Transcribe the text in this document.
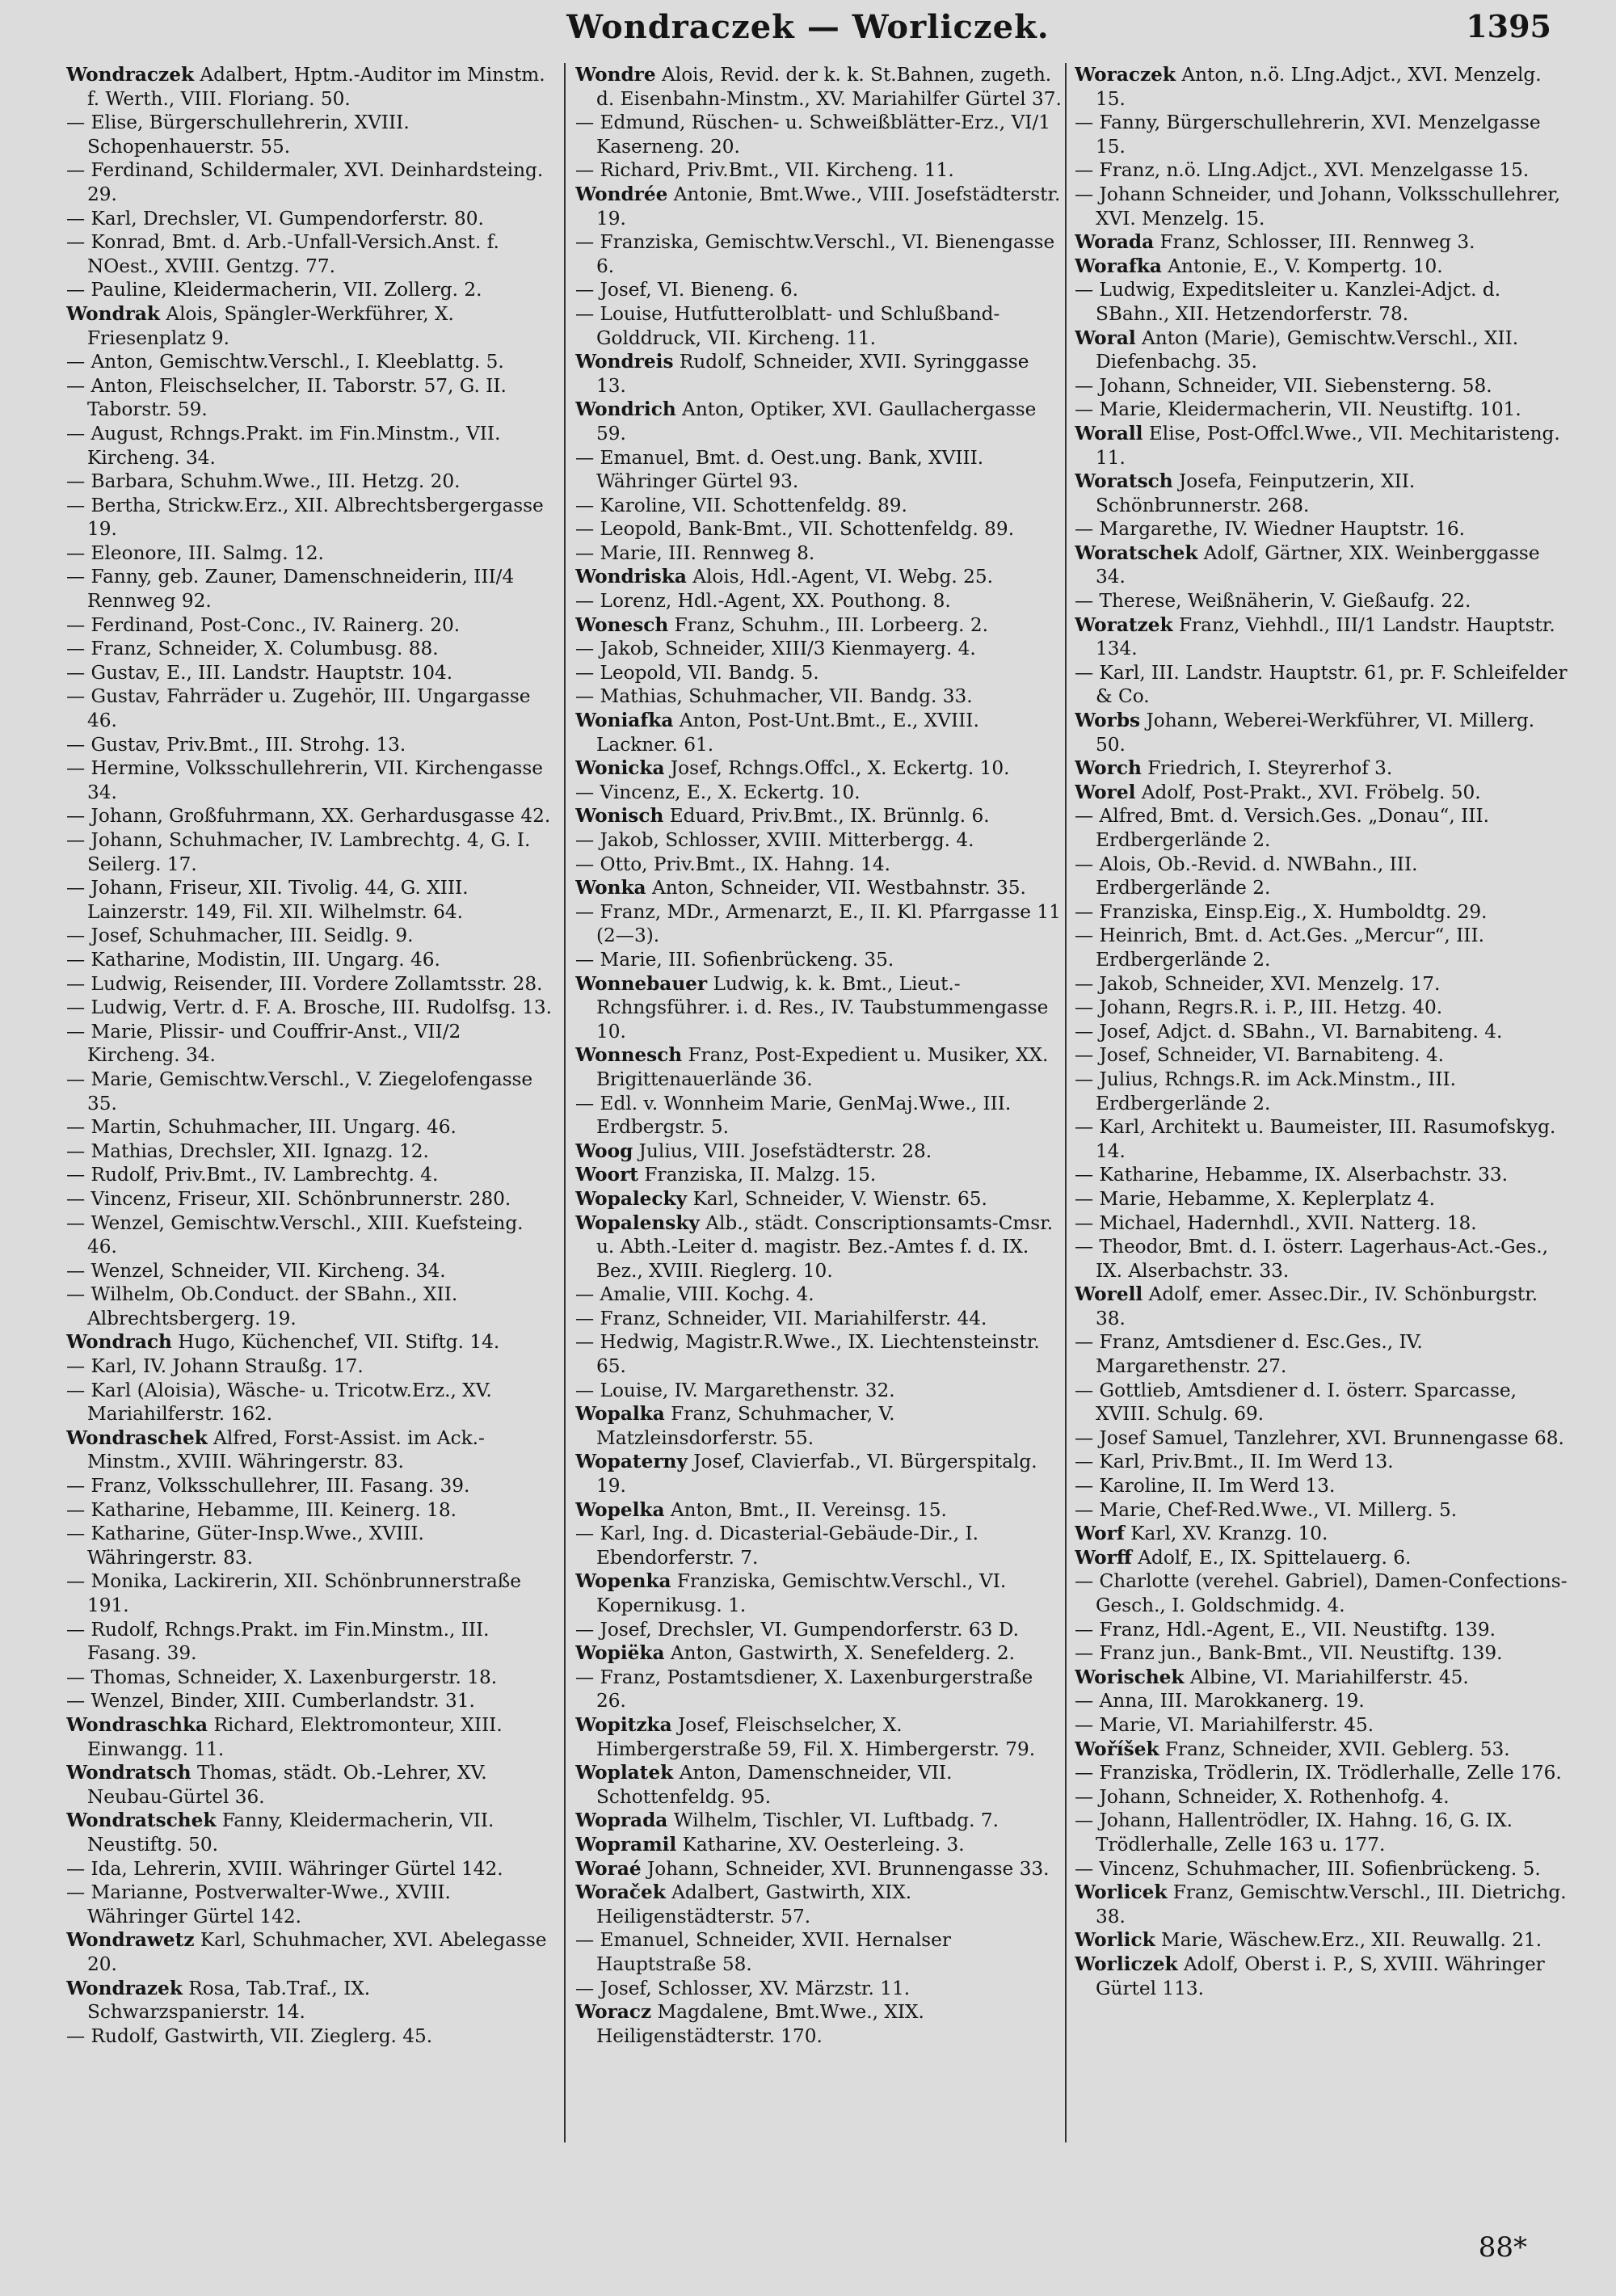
Wondraczek — Worliczek.	1395

Wondraczek Adalbert, Hptm.-Auditor im Minstm. f. Werth., VIII. Floriang. 50.

— Elise, Bürgerschullehrerin, XVIII. Schopenhauerstr. 55.

— Ferdinand, Schildermaler, XVI. Deinhardsteing. 29.

— Karl, Drechsler, VI. Gumpendorferstr. 80.

— Konrad, Bmt. d. Arb.-Unfall-Versich.Anst. f. NOest., XVIII. Gentzg. 77.

— Pauline, Kleidermacherin, VII. Zollerg. 2.

Wondrak Alois, Spängler-Werkführer, X. Friesenplatz 9.

— Anton, Gemischtw.Verschl., I. Kleeblattg. 5.

— Anton, Fleischselcher, II. Taborstr. 57, G. II. Taborstr. 59.

— August, Rchngs.Prakt. im Fin.Minstm., VII. Kircheng. 34.

— Barbara, Schuhm.Wwe., III. Hetzg. 20.

— Bertha, Strickw.Erz., XII. Albrechtsbergergasse 19.

— Eleonore, III. Salmg. 12.

— Fanny, geb. Zauner, Damenschneiderin, III/4 Rennweg 92.

— Ferdinand, Post-Conc., IV. Rainerg. 20.

— Franz, Schneider, X. Columbusg. 88.

— Gustav, E., III. Landstr. Hauptstr. 104.

— Gustav, Fahrräder u. Zugehör, III. Ungargasse 46.

— Gustav, Priv.Bmt., III. Strohg. 13.

— Hermine, Volksschullehrerin, VII. Kirchengasse 34.

— Johann, Großfuhrmann, XX. Gerhardusgasse 42.

— Johann, Schuhmacher, IV. Lambrechtg. 4, G. I. Seilerg. 17.

— Johann, Friseur, XII. Tivolig. 44, G. XIII. Lainzerstr. 149, Fil. XII. Wilhelmstr. 64.

— Josef, Schuhmacher, III. Seidlg. 9.

— Katharine, Modistin, III. Ungarg. 46.

— Ludwig, Reisender, III. Vordere Zollamtsstr. 28.

— Ludwig, Vertr. d. F. A. Brosche, III. Rudolfsg. 13.

— Marie, Plissir- und Couffrir-Anst., VII/2 Kircheng. 34.

— Marie, Gemischtw.Verschl., V. Ziegelofengasse 35.

— Martin, Schuhmacher, III. Ungarg. 46.

— Mathias, Drechsler, XII. Ignazg. 12.

— Rudolf, Priv.Bmt., IV. Lambrechtg. 4.

— Vincenz, Friseur, XII. Schönbrunnerstr. 280.

— Wenzel, Gemischtw.Verschl., XIII. Kuefsteing. 46.

— Wenzel, Schneider, VII. Kircheng. 34.

— Wilhelm, Ob.Conduct. der SBahn., XII. Albrechtsbergerg. 19.

Wondrach Hugo, Küchenchef, VII. Stiftg. 14.

— Karl, IV. Johann Straußg. 17.

— Karl (Aloisia), Wäsche- u. Tricotw.Erz., XV. Mariahilferstr. 162.

Wondraschek Alfred, Forst-Assist. im Ack.-Minstm., XVIII. Währingerstr. 83.

— Franz, Volksschullehrer, III. Fasang. 39.

— Katharine, Hebamme, III. Keinerg. 18.

— Katharine, Güter-Insp.Wwe., XVIII. Währingerstr. 83.

— Monika, Lackirerin, XII. Schönbrunnerstraße 191.

— Rudolf, Rchngs.Prakt. im Fin.Minstm., III. Fasang. 39.

— Thomas, Schneider, X. Laxenburgerstr. 18.

— Wenzel, Binder, XIII. Cumberlandstr. 31.

Wondraschka Richard, Elektromonteur, XIII. Einwangg. 11.

Wondratsch Thomas, städt. Ob.-Lehrer, XV. Neubau-Gürtel 36.

Wondratschek Fanny, Kleidermacherin, VII. Neustiftg. 50.

— Ida, Lehrerin, XVIII. Währinger Gürtel 142.

— Marianne, Postverwalter-Wwe., XVIII. Währinger Gürtel 142.

Wondrawetz Karl, Schuhmacher, XVI. Abelegasse 20.

Wondrazek Rosa, Tab.Traf., IX. Schwarzspanierstr. 14.

— Rudolf, Gastwirth, VII. Zieglerg. 45.

Wondre Alois, Revid. der k. k. St.Bahnen, zugeth. d. Eisenbahn-Minstm., XV. Mariahilfer Gürtel 37.

— Edmund, Rüschen- u. Schweißblätter-Erz., VI/1 Kaserneng. 20.

— Richard, Priv.Bmt., VII. Kircheng. 11.

Wondrée Antonie, Bmt.Wwe., VIII. Josefstädterstr. 19.

— Franziska, Gemischtw.Verschl., VI. Bienengasse 6.

— Josef, VI. Bieneng. 6.

— Louise, Hutfutterolblatt- und Schlußband-Golddruck, VII. Kircheng. 11.

Wondreis Rudolf, Schneider, XVII. Syringgasse 13.

Wondrich Anton, Optiker, XVI. Gaullachergasse 59.

— Emanuel, Bmt. d. Oest.ung. Bank, XVIII. Währinger Gürtel 93.

— Karoline, VII. Schottenfeldg. 89.

— Leopold, Bank-Bmt., VII. Schottenfeldg. 89.

— Marie, III. Rennweg 8.

Wondriska Alois, Hdl.-Agent, VI. Webg. 25.

— Lorenz, Hdl.-Agent, XX. Pouthong. 8.

Wonesch Franz, Schuhm., III. Lorbeerg. 2.

— Jakob, Schneider, XIII/3 Kienmayerg. 4.

— Leopold, VII. Bandg. 5.

— Mathias, Schuhmacher, VII. Bandg. 33.

Woniafka Anton, Post-Unt.Bmt., E., XVIII. Lackner. 61.

Wonicka Josef, Rchngs.Offcl., X. Eckertg. 10.

— Vincenz, E., X. Eckertg. 10.

Wonisch Eduard, Priv.Bmt., IX. Brünnlg. 6.

— Jakob, Schlosser, XVIII. Mitterbergg. 4.

— Otto, Priv.Bmt., IX. Hahng. 14.

Wonka Anton, Schneider, VII. Westbahnstr. 35.

— Franz, MDr., Armenarzt, E., II. Kl. Pfarrgasse 11 (2—3).

— Marie, III. Sofienbrückeng. 35.

Wonnebauer Ludwig, k. k. Bmt., Lieut.-Rchngsführer. i. d. Res., IV. Taubstummengasse 10.

Wonnesch Franz, Post-Expedient u. Musiker, XX. Brigittenauerlände 36.

— Edl. v. Wonnheim Marie, GenMaj.Wwe., III. Erdbergstr. 5.

Woog Julius, VIII. Josefstädterstr. 28.

Woort Franziska, II. Malzg. 15.

Wopalecky Karl, Schneider, V. Wienstr. 65.

Wopalensky Alb., städt. Conscriptionsamts-Cmsr. u. Abth.-Leiter d. magistr. Bez.-Amtes f. d. IX. Bez., XVIII. Rieglerg. 10.

— Amalie, VIII. Kochg. 4.

— Franz, Schneider, VII. Mariahilferstr. 44.

— Hedwig, Magistr.R.Wwe., IX. Liechtensteinstr. 65.

— Louise, IV. Margarethenstr. 32.

Wopalka Franz, Schuhmacher, V. Matzleinsdorferstr. 55.

Wopaterny Josef, Clavierfab., VI. Bürgerspitalg. 19.

Wopelka Anton, Bmt., II. Vereinsg. 15.

— Karl, Ing. d. Dicasterial-Gebäude-Dir., I. Ebendorferstr. 7.

Wopenka Franziska, Gemischtw.Verschl., VI. Kopernikusg. 1.

— Josef, Drechsler, VI. Gumpendorferstr. 63 D.

Wopiëka Anton, Gastwirth, X. Senefelderg. 2.

— Franz, Postamtsdiener, X. Laxenburgerstraße 26.

Wopitzka Josef, Fleischselcher, X. Himbergerstraße 59, Fil. X. Himbergerstr. 79.

Woplatek Anton, Damenschneider, VII. Schottenfeldg. 95.

Woprada Wilhelm, Tischler, VI. Luftbadg. 7.

Wopramil Katharine, XV. Oesterleing. 3.

Woraé Johann, Schneider, XVI. Brunnengasse 33.

Woraček Adalbert, Gastwirth, XIX. Heiligenstädterstr. 57.

— Emanuel, Schneider, XVII. Hernalser Hauptstraße 58.

— Josef, Schlosser, XV. Märzstr. 11.

Woracz Magdalene, Bmt.Wwe., XIX. Heiligenstädterstr. 170.

Woraczek Anton, n.ö. LIng.Adjct., XVI. Menzelg. 15.

— Fanny, Bürgerschullehrerin, XVI. Menzelgasse 15.

— Franz, n.ö. LIng.Adjct., XVI. Menzelgasse 15.

— Johann Schneider, und Johann, Volksschullehrer, XVI. Menzelg. 15.

Worada Franz, Schlosser, III. Rennweg 3.

Worafka Antonie, E., V. Kompertg. 10.

— Ludwig, Expeditsleiter u. Kanzlei-Adjct. d. SBahn., XII. Hetzendorferstr. 78.

Woral Anton (Marie), Gemischtw.Verschl., XII. Diefenbachg. 35.

— Johann, Schneider, VII. Siebensterng. 58.

— Marie, Kleidermacherin, VII. Neustiftg. 101.

Worall Elise, Post-Offcl.Wwe., VII. Mechitaristeng. 11.

Woratsch Josefa, Feinputzerin, XII. Schönbrunnerstr. 268.

— Margarethe, IV. Wiedner Hauptstr. 16.

Woratschek Adolf, Gärtner, XIX. Weinberggasse 34.

— Therese, Weißnäherin, V. Gießaufg. 22.

Woratzek Franz, Viehhdl., III/1 Landstr. Hauptstr. 134.

— Karl, III. Landstr. Hauptstr. 61, pr. F. Schleifelder & Co.

Worbs Johann, Weberei-Werkführer, VI. Millerg. 50.

Worch Friedrich, I. Steyrerhof 3.

Worel Adolf, Post-Prakt., XVI. Fröbelg. 50.

— Alfred, Bmt. d. Versich.Ges. „Donau“, III. Erdbergerlände 2.

— Alois, Ob.-Revid. d. NWBahn., III. Erdbergerlände 2.

— Franziska, Einsp.Eig., X. Humboldtg. 29.

— Heinrich, Bmt. d. Act.Ges. „Mercur“, III. Erdbergerlände 2.

— Jakob, Schneider, XVI. Menzelg. 17.

— Johann, Regrs.R. i. P., III. Hetzg. 40.

— Josef, Adjct. d. SBahn., VI. Barnabiteng. 4.

— Josef, Schneider, VI. Barnabiteng. 4.

— Julius, Rchngs.R. im Ack.Minstm., III. Erdbergerlände 2.

— Karl, Architekt u. Baumeister, III. Rasumofskyg. 14.

— Katharine, Hebamme, IX. Alserbachstr. 33.

— Marie, Hebamme, X. Keplerplatz 4.

— Michael, Hadernhdl., XVII. Natterg. 18.

— Theodor, Bmt. d. I. österr. Lagerhaus-Act.-Ges., IX. Alserbachstr. 33.

Worell Adolf, emer. Assec.Dir., IV. Schönburgstr. 38.

— Franz, Amtsdiener d. Esc.Ges., IV. Margarethenstr. 27.

— Gottlieb, Amtsdiener d. I. österr. Sparcasse, XVIII. Schulg. 69.

— Josef Samuel, Tanzlehrer, XVI. Brunnengasse 68.

— Karl, Priv.Bmt., II. Im Werd 13.

— Karoline, II. Im Werd 13.

— Marie, Chef-Red.Wwe., VI. Millerg. 5.

Worf Karl, XV. Kranzg. 10.

Worff Adolf, E., IX. Spittelauerg. 6.

— Charlotte (verehel. Gabriel), Damen-Confections-Gesch., I. Goldschmidg. 4.

— Franz, Hdl.-Agent, E., VII. Neustiftg. 139.

— Franz jun., Bank-Bmt., VII. Neustiftg. 139.

Worischek Albine, VI. Mariahilferstr. 45.

— Anna, III. Marokkanerg. 19.

— Marie, VI. Mariahilferstr. 45.

Woříšek Franz, Schneider, XVII. Geblerg. 53.

— Franziska, Trödlerin, IX. Trödlerhalle, Zelle 176.

— Johann, Schneider, X. Rothenhofg. 4.

— Johann, Hallentrödler, IX. Hahng. 16, G. IX. Trödlerhalle, Zelle 163 u. 177.

— Vincenz, Schuhmacher, III. Sofienbrückeng. 5.

Worlicek Franz, Gemischtw.Verschl., III. Dietrichg. 38.

Worlick Marie, Wäschew.Erz., XII. Reuwallg. 21.

Worliczek Adolf, Oberst i. P., S, XVIII. Währinger Gürtel 113.

88*
